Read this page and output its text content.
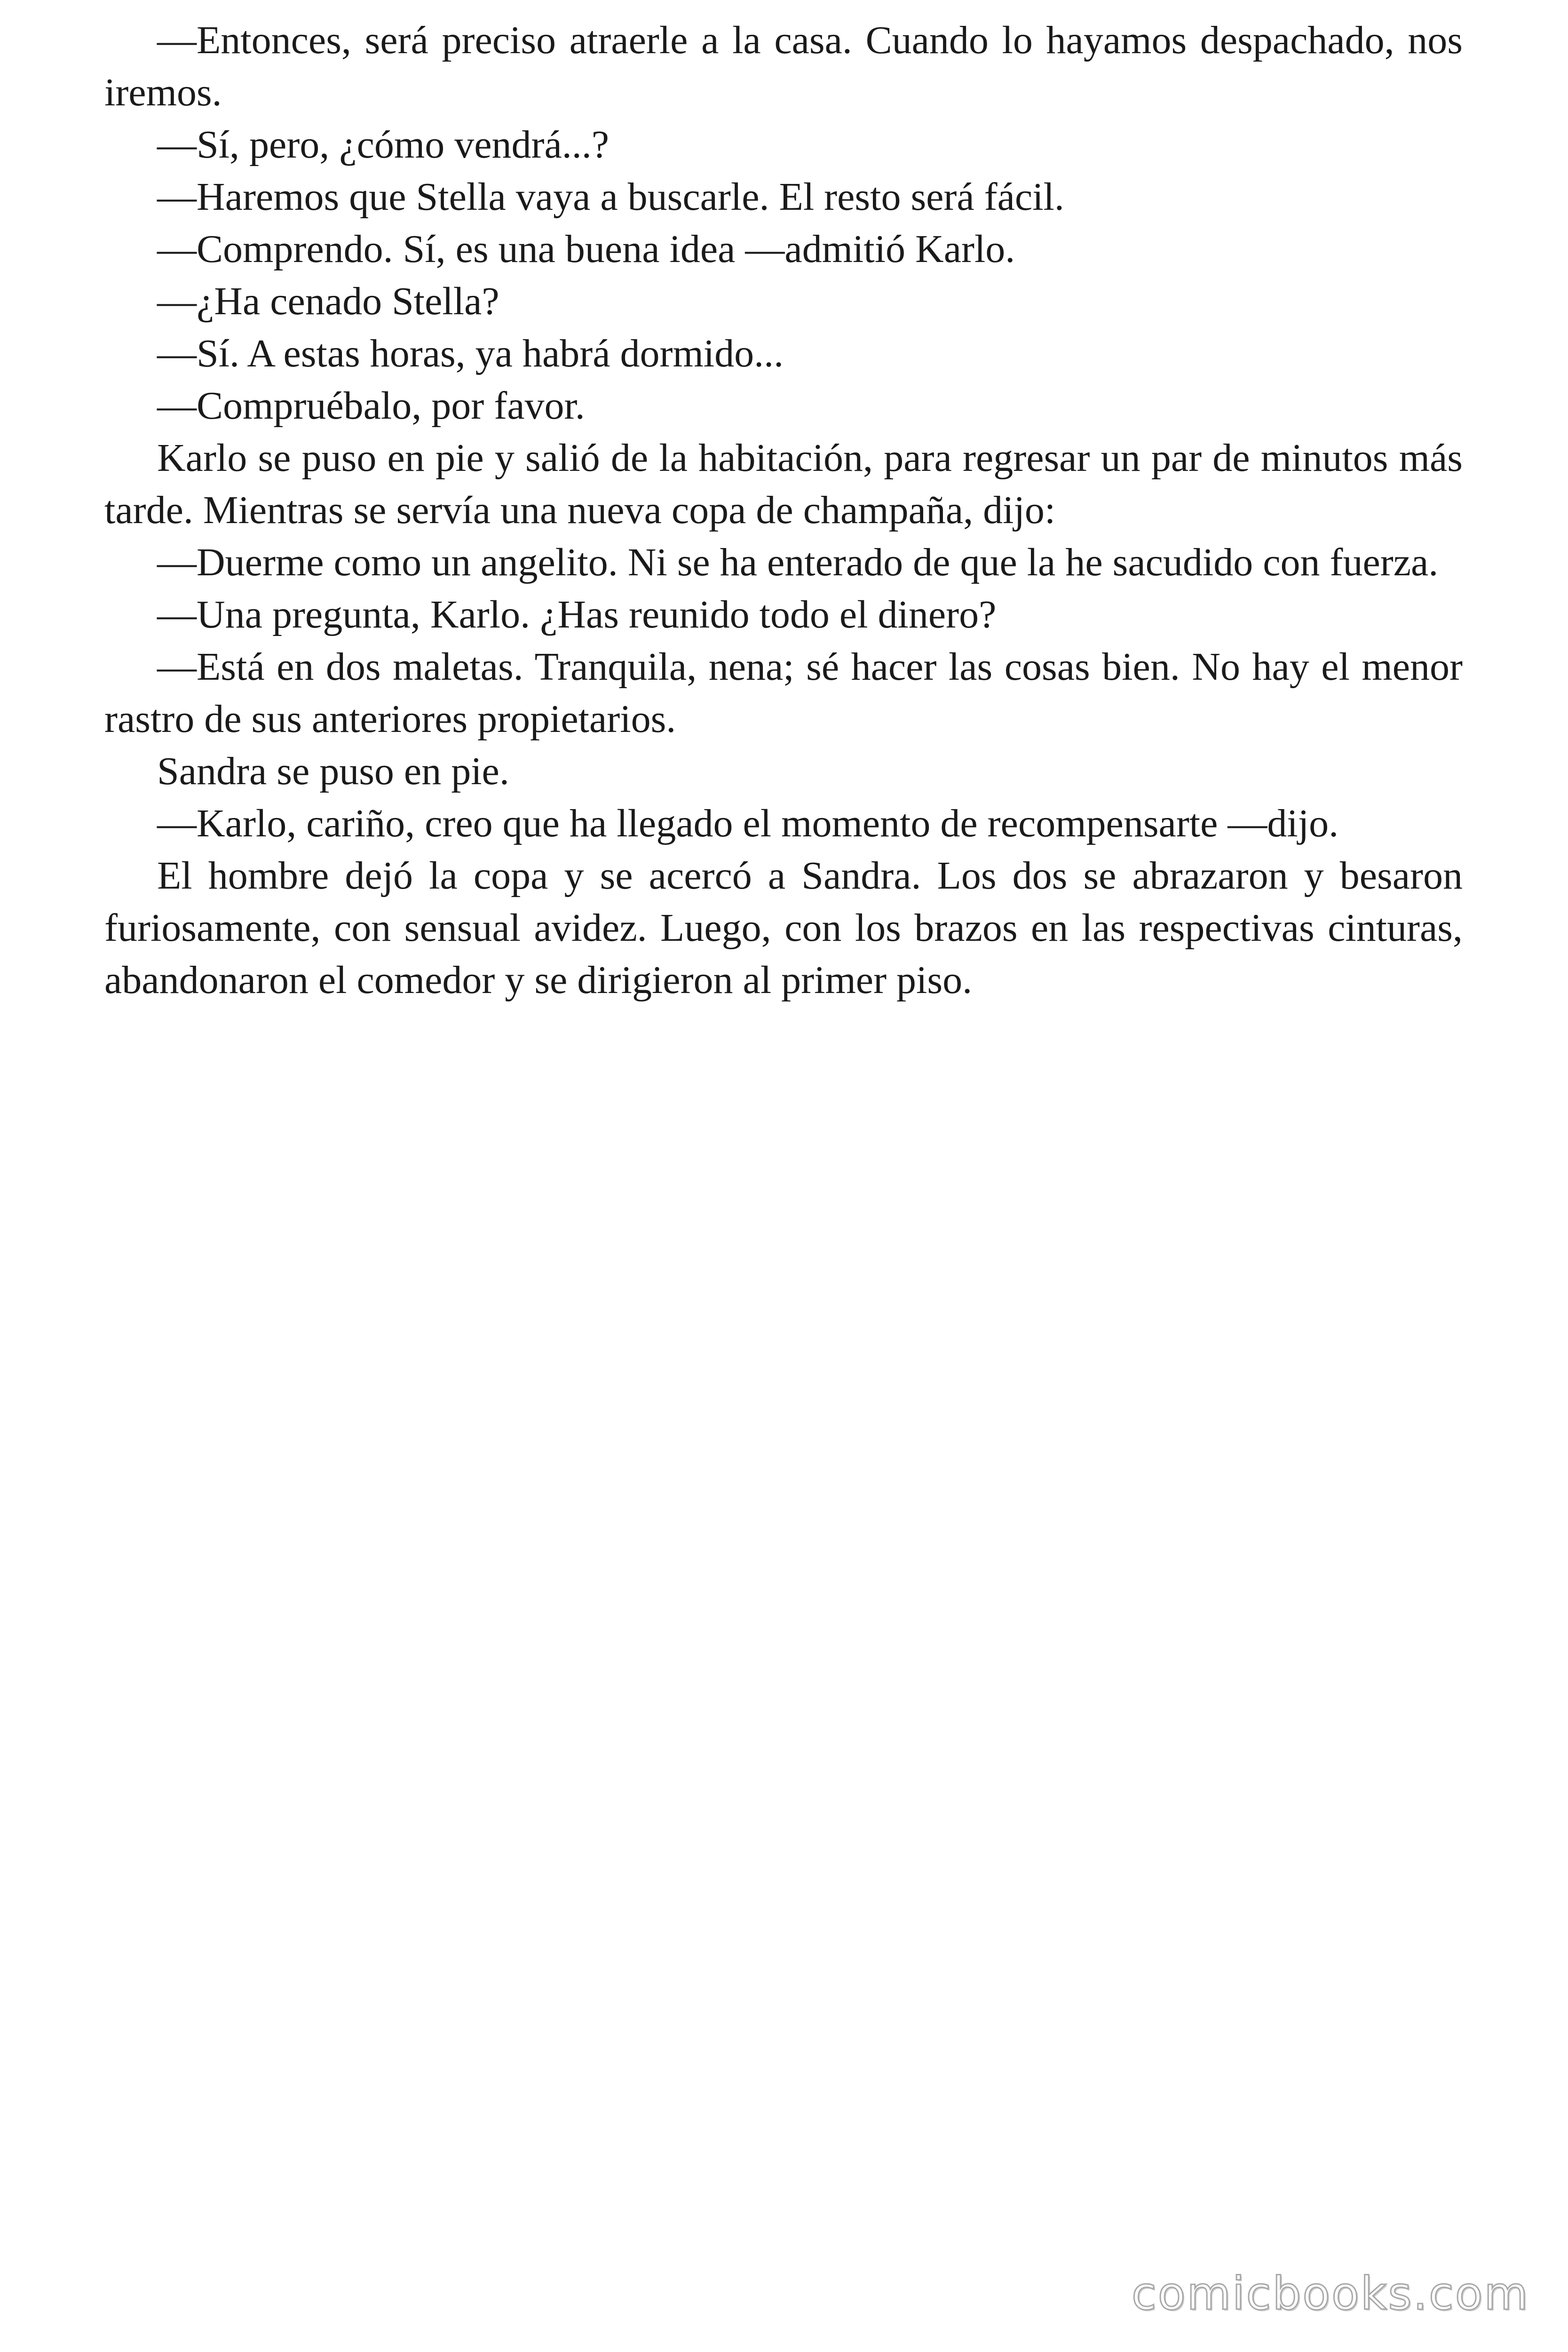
—Entonces, será preciso atraerle a la casa. Cuando lo hayamos despachado, nos iremos.

—Sí, pero, ¿cómo vendrá...?

—Haremos que Stella vaya a buscarle. El resto será fácil.

—Comprendo. Sí, es una buena idea —admitió Karlo.

—¿Ha cenado Stella?

—Sí. A estas horas, ya habrá dormido...

—Compruébalo, por favor.

Karlo se puso en pie y salió de la habitación, para regresar un par de minutos más tarde. Mientras se servía una nueva copa de champaña, dijo:

—Duerme como un angelito. Ni se ha enterado de que la he sacudido con fuerza.

—Una pregunta, Karlo. ¿Has reunido todo el dinero?

—Está en dos maletas. Tranquila, nena; sé hacer las cosas bien. No hay el menor rastro de sus anteriores propietarios.

Sandra se puso en pie.

—Karlo, cariño, creo que ha llegado el momento de recompensarte —dijo.

El hombre dejó la copa y se acercó a Sandra. Los dos se abrazaron y besaron furiosamente, con sensual avidez. Luego, con los brazos en las respectivas cinturas, abandonaron el comedor y se dirigieron al primer piso.

comicbooks.com
